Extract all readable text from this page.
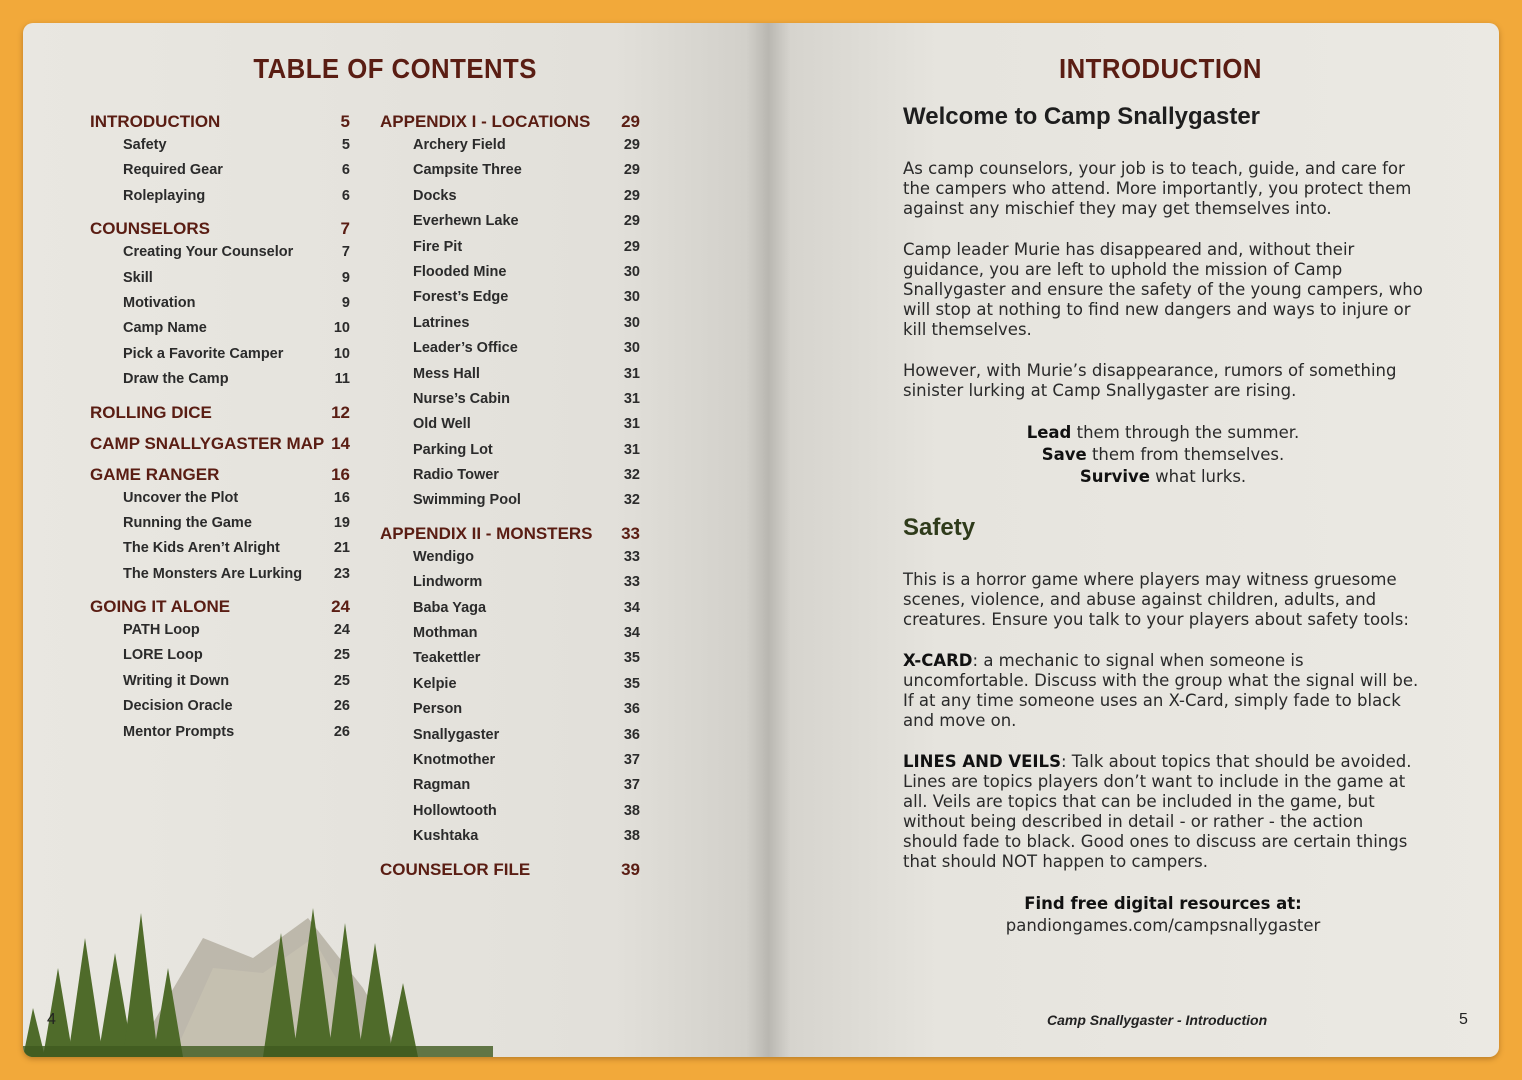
TABLE OF CONTENTS
INTRODUCTION	5
Safety	5
Required Gear	6
Roleplaying	6
COUNSELORS	7
Creating Your Counselor	7
Skill	9
Motivation	9
Camp Name	10
Pick a Favorite Camper	10
Draw the Camp	11
ROLLING DICE	12
CAMP SNALLYGASTER MAP 14
GAME RANGER	16
Uncover the Plot	16
Running the Game	19
The Kids Aren’t Alright	21
The Monsters Are Lurking 23
GOING IT ALONE	24
PATH Loop	24
LORE Loop	25
Writing it Down	25
Decision Oracle	26
Mentor Prompts	26
APPENDIX I - LOCATIONS 29
Archery Field	29
Campsite Three	29
Docks	29
Everhewn Lake	29
Fire Pit	29
Flooded Mine	30
Forest’s Edge	30
Latrines	30
Leader’s Office	30
Mess Hall	31
Nurse’s Cabin	31
Old Well	31
Parking Lot	31
Radio Tower	32
Swimming Pool	32
APPENDIX II - MONSTERS 33
Wendigo	33
Lindworm	33
Baba Yaga	34
Mothman	34
Teakettler	35
Kelpie	35
Person	36
Snallygaster	36
Knotmother	37
Ragman	37
Hollowtooth	38
Kushtaka	38
COUNSELOR FILE	39
4
INTRODUCTION
Welcome to Camp Snallygaster

As camp counselors, your job is to teach, guide, and care for the campers who attend. More importantly, you protect them against any mischief they may get themselves into.

Camp leader Murie has disappeared and, without their guidance, you are left to uphold the mission of Camp Snallygaster and ensure the safety of the young campers, who will stop at nothing to find new dangers and ways to injure or kill themselves.

However, with Murie’s disappearance, rumors of something sinister lurking at Camp Snallygaster are rising.

Lead them through the summer.
Save them from themselves.
Survive what lurks.
Safety

This is a horror game where players may witness gruesome scenes, violence, and abuse against children, adults, and creatures. Ensure you talk to your players about safety tools:

X-CARD: a mechanic to signal when someone is uncomfortable. Discuss with the group what the signal will be. If at any time someone uses an X-Card, simply fade to black and move on.

LINES AND VEILS: Talk about topics that should be avoided. Lines are topics players don’t want to include in the game at all. Veils are topics that can be included in the game, but without being described in detail - or rather - the action should fade to black. Good ones to discuss are certain things that should NOT happen to campers.

Find free digital resources at:
pandiongames.com/campsnallygaster
Camp Snallygaster - Introduction	5
